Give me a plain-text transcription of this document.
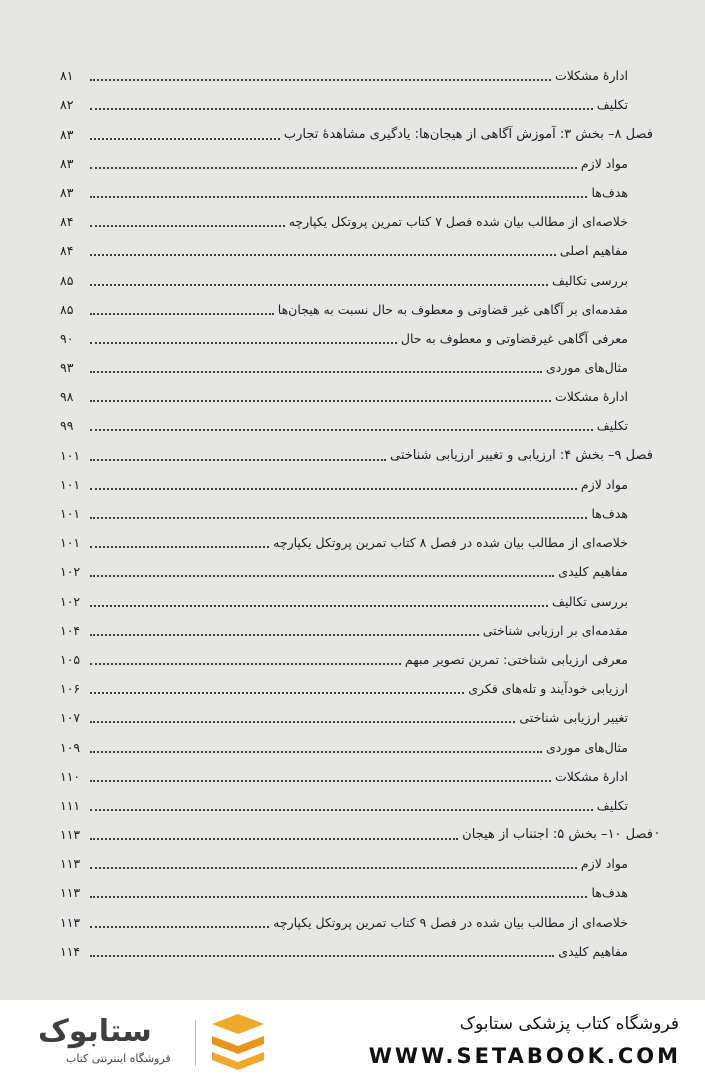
ادارهٔ مشکلات
۸۱
تکلیف
۸۲
فصل ۸– بخش ۳: آموزش آگاهی از هیجان‌ها: یادگیری مشاهدهٔ تجارب
۸۳
مواد لازم
۸۳
هدف‌ها
۸۳
خلاصه‌ای از مطالب بیان شده فصل ۷ کتاب تمرین پروتکل یکپارچه
۸۴
مفاهیم اصلی
۸۴
بررسی تکالیف
۸۵
مقدمه‌ای بر آگاهی غیر قضاوتی و معطوف به حال نسبت به هیجان‌ها
۸۵
معرفی آگاهی غیرقضاوتی و معطوف به حال
۹۰
مثال‌های موردی
۹۳
ادارهٔ مشکلات
۹۸
تکلیف
۹۹
فصل ۹– بخش ۴: ارزیابی و تغییر ارزیابی شناختی
۱۰۱
مواد لازم
۱۰۱
هدف‌ها
۱۰۱
خلاصه‌ای از مطالب بیان شده در فصل ۸ کتاب تمرین پروتکل یکپارچه
۱۰۱
مفاهیم کلیدی
۱۰۲
بررسی تکالیف
۱۰۲
مقدمه‌ای بر ارزیابی شناختی
۱۰۴
معرفی ارزیابی شناختی: تمرین تصویر مبهم
۱۰۵
ارزیابی خودآیند و تله‌های فکری
۱۰۶
تغییر ارزیابی شناختی
۱۰۷
مثال‌های موردی
۱۰۹
ادارهٔ مشکلات
۱۱۰
تکلیف
۱۱۱
فصل ۱۰– بخش ۵: اجتناب از هیجان
۱۱۳
مواد لازم
۱۱۳
هدف‌ها
۱۱۳
خلاصه‌ای از مطالب بیان شده در فصل ۹ کتاب تمرین پروتکل یکپارچه
۱۱۳
مفاهیم کلیدی
۱۱۴
ستابوک
فروشگاه اینترنتی کتاب
فروشگاه کتاب پزشکی ستابوک
WWW.SETABOOK.COM
